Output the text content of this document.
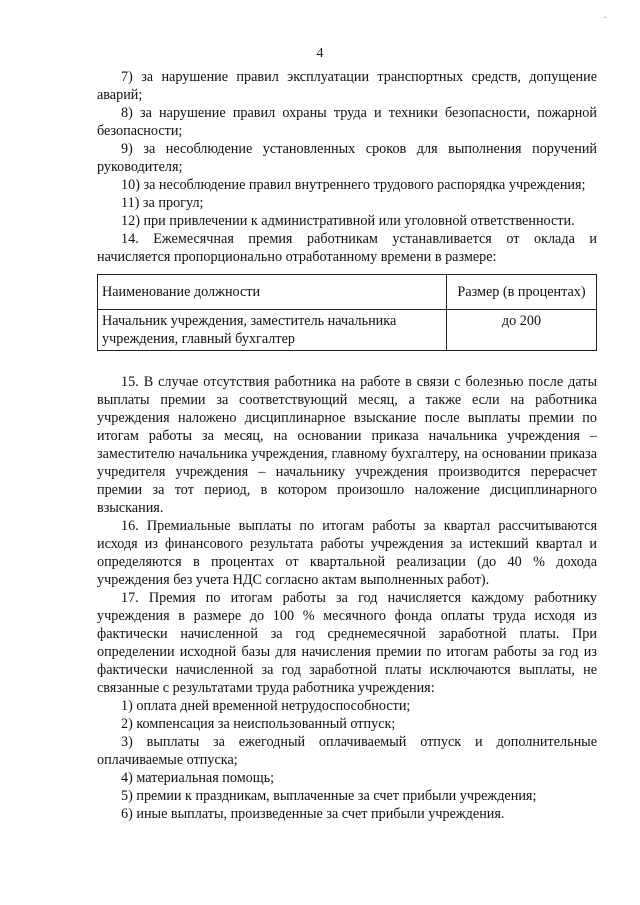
.
4

7) за нарушение правил эксплуатации транспортных средств, допущение аварий;

8) за нарушение правил охраны труда и техники безопасности, пожарной безопасности;

9) за несоблюдение установленных сроков для выполнения поручений руководителя;

10) за несоблюдение правил внутреннего трудового распорядка учреждения;

11) за прогул;

12) при привлечении к административной или уголовной ответственности.

14. Ежемесячная премия работникам устанавливается от оклада и начисляется пропорционально отработанному времени в размере:

Наименование должности	Размер (в процентах)
Начальник учреждения, заместитель начальника учреждения, главный бухгалтер	до 200

15. В случае отсутствия работника на работе в связи с болезнью после даты выплаты премии за соответствующий месяц, а также если на работника учреждения наложено дисциплинарное взыскание после выплаты премии по итогам работы за месяц, на основании приказа начальника учреждения – заместителю начальника учреждения, главному бухгалтеру, на основании приказа учредителя учреждения – начальнику учреждения производится перерасчет премии за тот период, в котором произошло наложение дисциплинарного взыскания.

16. Премиальные выплаты по итогам работы за квартал рассчитываются исходя из финансового результата работы учреждения за истекший квартал и определяются в процентах от квартальной реализации (до 40 % дохода учреждения без учета НДС согласно актам выполненных работ).

17. Премия по итогам работы за год начисляется каждому работнику учреждения в размере до 100 % месячного фонда оплаты труда исходя из фактически начисленной за год среднемесячной заработной платы. При определении исходной базы для начисления премии по итогам работы за год из фактически начисленной за год заработной платы исключаются выплаты, не связанные с результатами труда работника учреждения:

1) оплата дней временной нетрудоспособности;

2) компенсация за неиспользованный отпуск;

3) выплаты за ежегодный оплачиваемый отпуск и дополнительные оплачиваемые отпуска;

4) материальная помощь;

5) премии к праздникам, выплаченные за счет прибыли учреждения;

6) иные выплаты, произведенные за счет прибыли учреждения.
